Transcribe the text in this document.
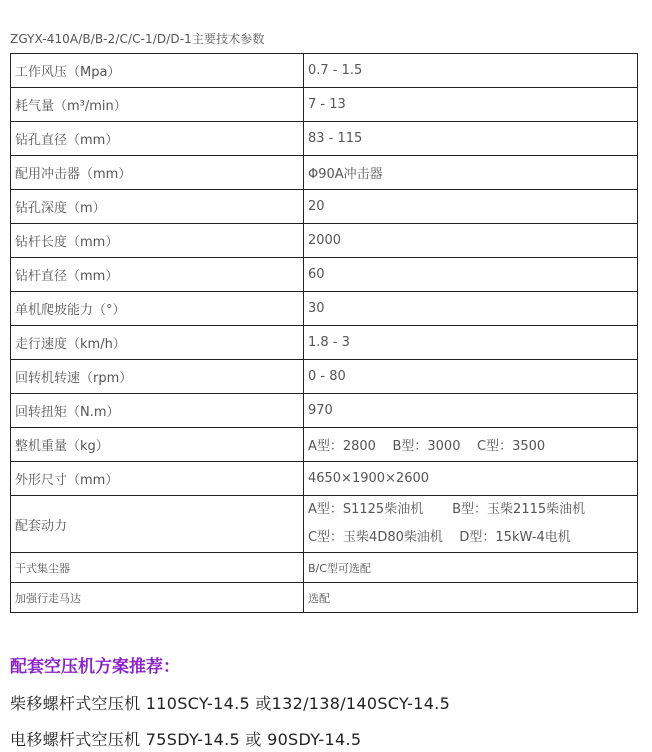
ZGYX-410A/B/B-2/C/C-1/D/D-1主要技术参数
工作风压（Mpa）	0.7 - 1.5
耗气量（m³/min）	7 - 13
钻孔直径（mm）	83 - 115
配用冲击器（mm）	Φ90A冲击器
钻孔深度（m）	20
钻杆长度（mm）	2000
钻杆直径（mm）	60
单机爬坡能力（°）	30
走行速度（km/h）	1.8 - 3
回转机转速（rpm）	0 - 80
回转扭矩（N.m）	970
整机重量（kg）	A型：2800    B型：3000    C型：3500
外形尺寸（mm）	4650×1900×2600
配套动力	A型：S1125柴油机       B型：玉柴2115柴油机
C型：玉柴4D80柴油机    D型：15kW-4电机

干式集尘器	B/C型可选配
加强行走马达	选配
配套空压机方案推荐：
柴移螺杆式空压机 110SCY-14.5 或132/138/140SCY-14.5
电移螺杆式空压机 75SDY-14.5 或 90SDY-14.5
